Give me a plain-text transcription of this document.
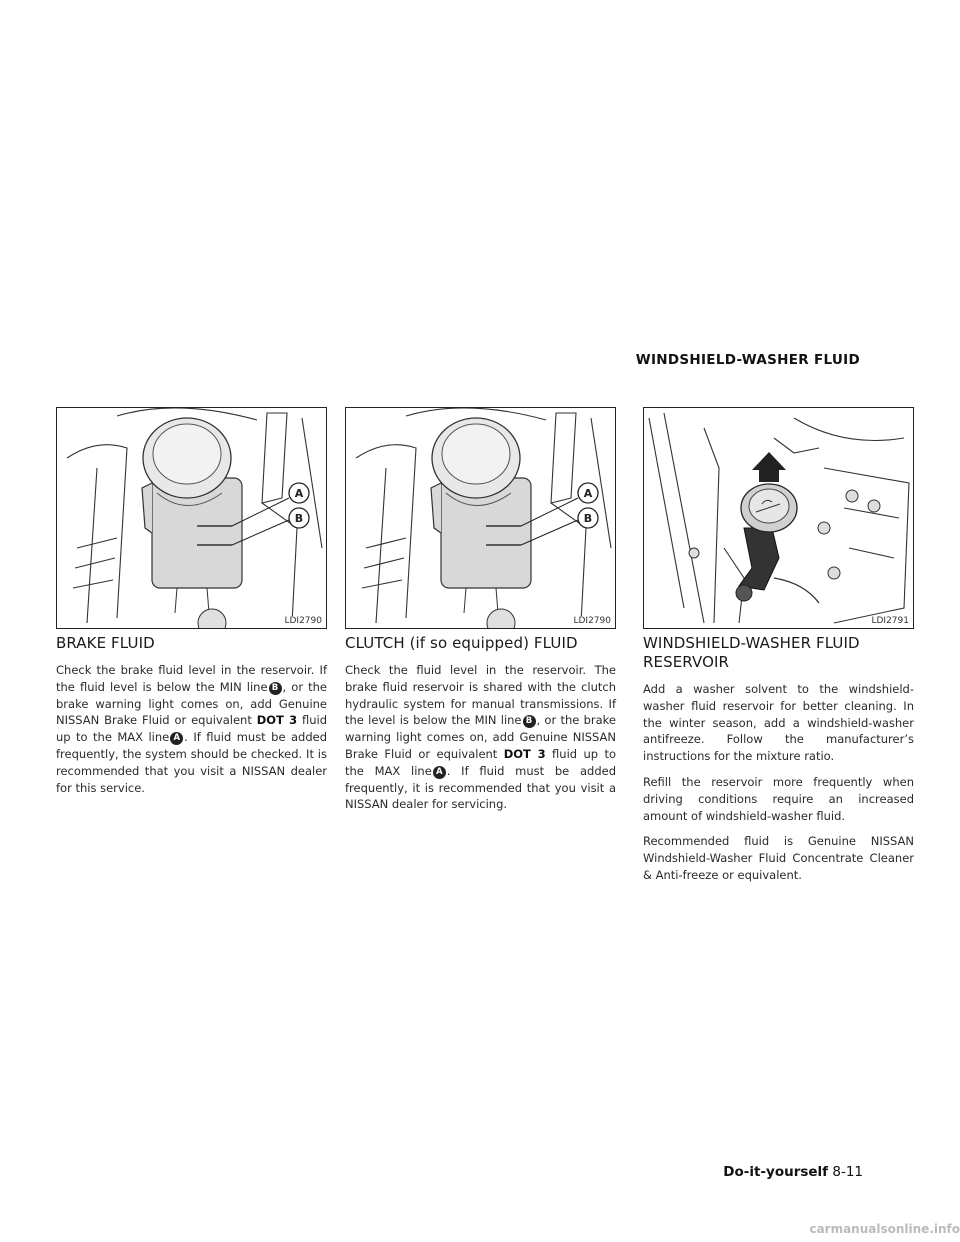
WINDSHIELD-WASHER FLUID
A
B
LDI2790
A
B
LDI2790	LDI2791
BRAKE FLUID

Check the brake fluid level in the reservoir. If the fluid level is below the MIN line B , or the brake warning light comes on, add Genuine NISSAN Brake Fluid or equivalent DOT 3 fluid up to the MAX line A . If fluid must be added frequently, the system should be checked. It is recommended that you visit a NISSAN dealer for this service.

CLUTCH (if so equipped) FLUID

Check the fluid level in the reservoir. The brake fluid reservoir is shared with the clutch hydraulic system for manual transmissions. If the level is below the MIN line B , or the brake warning light comes on, add Genuine NISSAN Brake Fluid or equivalent DOT 3 fluid up to the MAX line A . If fluid must be added frequently, it is recommended that you visit a NISSAN dealer for servicing.

WINDSHIELD-WASHER FLUID RESERVOIR

Add a washer solvent to the windshield-washer fluid reservoir for better cleaning. In the winter season, add a windshield-washer antifreeze. Follow the manufacturer’s instructions for the mixture ratio.

Refill the reservoir more frequently when driving conditions require an increased amount of windshield-washer fluid.

Recommended fluid is Genuine NISSAN Windshield-Washer Fluid Concentrate Cleaner & Anti-freeze or equivalent.

Do-it-yourself 8-11
carmanualsonline.info
